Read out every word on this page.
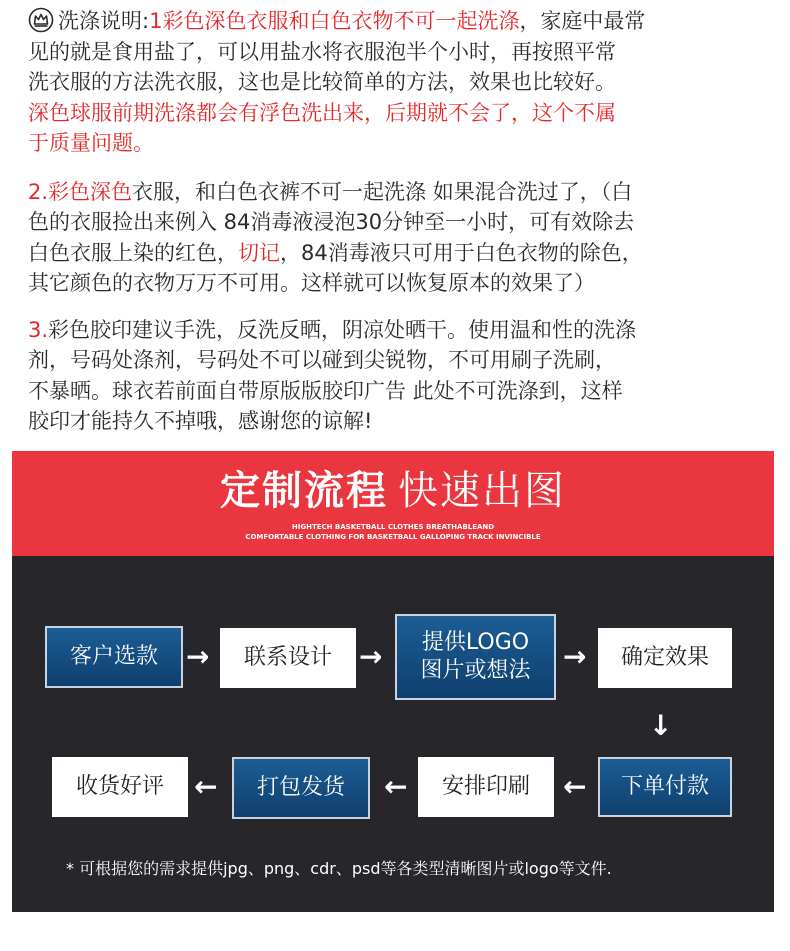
洗涤说明:1彩色深色衣服和白色衣物不可一起洗涤，家庭中最常
见的就是食用盐了，可以用盐水将衣服泡半个小时，再按照平常
洗衣服的方法洗衣服，这也是比较简单的方法，效果也比较好。
深色球服前期洗涤都会有浮色洗出来，后期就不会了，这个不属
于质量问题。

2.彩色深色衣服，和白色衣裤不可一起洗涤 如果混合洗过了，（白
色的衣服捡出来例入 84消毒液浸泡30分钟至一小时，可有效除去
白色衣服上染的红色，切记，84消毒液只可用于白色衣物的除色，
其它颜色的衣物万万不可用。这样就可以恢复原本的效果了）

3.彩色胶印建议手洗，反洗反晒，阴凉处晒干。使用温和性的洗涤
剂，号码处涤剂，号码处不可以碰到尖锐物，不可用刷子洗刷，
不暴晒。球衣若前面自带原版版胶印广告 此处不可洗涤到，这样
胶印才能持久不掉哦，感谢您的谅解!

定制流程 快速出图
HIGHTECH BASKETBALL CLOTHES BREATHABLEAND
COMFORTABLE CLOTHING FOR BASKETBALL GALLOPING TRACK INVINCIBLE
客户选款 → 联系设计 → 提供LOGO
图片或想法 → 确定效果
↓
下单付款
←
安排印刷
←
打包发货
←
收货好评
* 可根据您的需求提供jpg、png、cdr、psd等各类型清晰图片或logo等文件.
